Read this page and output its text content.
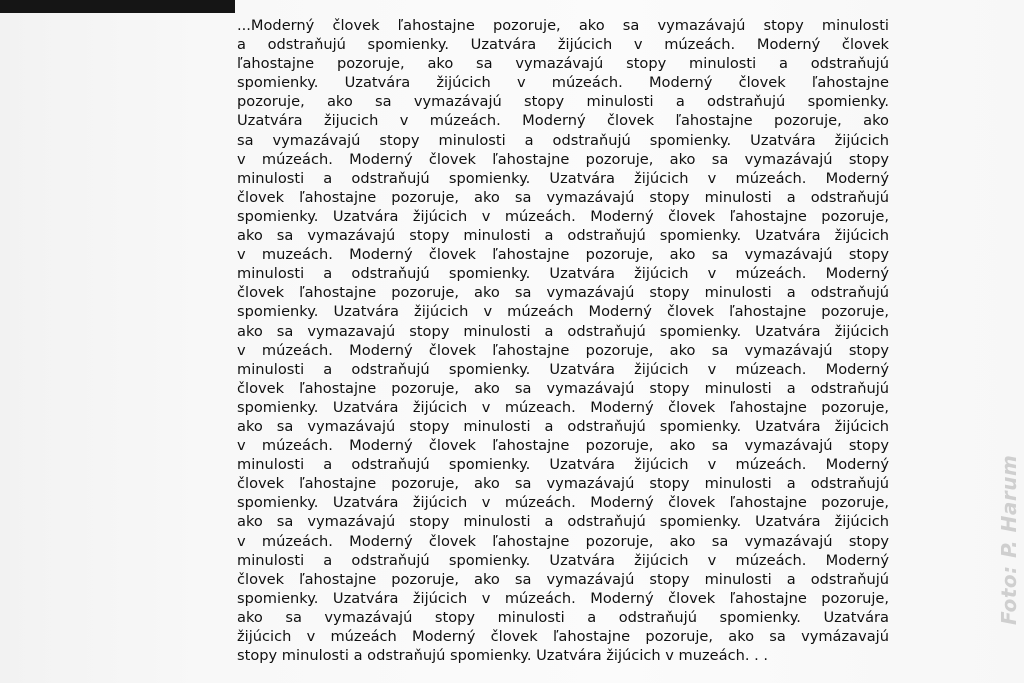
...Moderný človek ľahostajne pozoruje, ako sa vymazávajú stopy minulosti
a odstraňujú spomienky. Uzatvára žijúcich v múzeách. Moderný človek
ľahostajne pozoruje, ako sa vymazávajú stopy minulosti a odstraňujú
spomienky. Uzatvára žijúcich v múzeách. Moderný človek ľahostajne
pozoruje, ako sa vymazávajú stopy minulosti a odstraňujú spomienky.
Uzatvára žijucich v múzeách. Moderný človek ľahostajne pozoruje, ako
sa vymazávajú stopy minulosti a odstraňujú spomienky. Uzatvára žijúcich
v múzeách. Moderný človek ľahostajne pozoruje, ako sa vymazávajú stopy
minulosti a odstraňujú spomienky. Uzatvára žijúcich v múzeách. Moderný
človek ľahostajne pozoruje, ako sa vymazávajú stopy minulosti a odstraňujú
spomienky. Uzatvára žijúcich v múzeách. Moderný človek ľahostajne pozoruje,
ako sa vymazávajú stopy minulosti a odstraňujú spomienky. Uzatvára žijúcich
v muzeách. Moderný človek ľahostajne pozoruje, ako sa vymazávajú stopy
minulosti a odstraňujú spomienky. Uzatvára žijúcich v múzeách. Moderný
človek ľahostajne pozoruje, ako sa vymazávajú stopy minulosti a odstraňujú
spomienky. Uzatvára žijúcich v múzeách Moderný človek ľahostajne pozoruje,
ako sa vymazavajú stopy minulosti a odstraňujú spomienky. Uzatvára žijúcich
v múzeách. Moderný človek ľahostajne pozoruje, ako sa vymazávajú stopy
minulosti a odstraňujú spomienky. Uzatvára žijúcich v múzeach. Moderný
človek ľahostajne pozoruje, ako sa vymazávajú stopy minulosti a odstraňujú
spomienky. Uzatvára žijúcich v múzeach. Moderný človek ľahostajne pozoruje,
ako sa vymazávajú stopy minulosti a odstraňujú spomienky. Uzatvára žijúcich
v múzeách. Moderný človek ľahostajne pozoruje, ako sa vymazávajú stopy
minulosti a odstraňujú spomienky. Uzatvára žijúcich v múzeách. Moderný
človek ľahostajne pozoruje, ako sa vymazávajú stopy minulosti a odstraňujú
spomienky. Uzatvára žijúcich v múzeách. Moderný človek ľahostajne pozoruje,
ako sa vymazávajú stopy minulosti a odstraňujú spomienky. Uzatvára žijúcich
v múzeách. Moderný človek ľahostajne pozoruje, ako sa vymazávajú stopy
minulosti a odstraňujú spomienky. Uzatvára žijúcich v múzeách. Moderný
človek ľahostajne pozoruje, ako sa vymazávajú stopy minulosti a odstraňujú
spomienky. Uzatvára žijúcich v múzeách. Moderný človek ľahostajne pozoruje,
ako sa vymazávajú stopy minulosti a odstraňujú spomienky. Uzatvára
žijúcich v múzeách Moderný človek ľahostajne pozoruje, ako sa vymázavajú
stopy minulosti a odstraňujú spomienky. Uzatvára žijúcich v muzeách. . .
Foto: P. Harum
